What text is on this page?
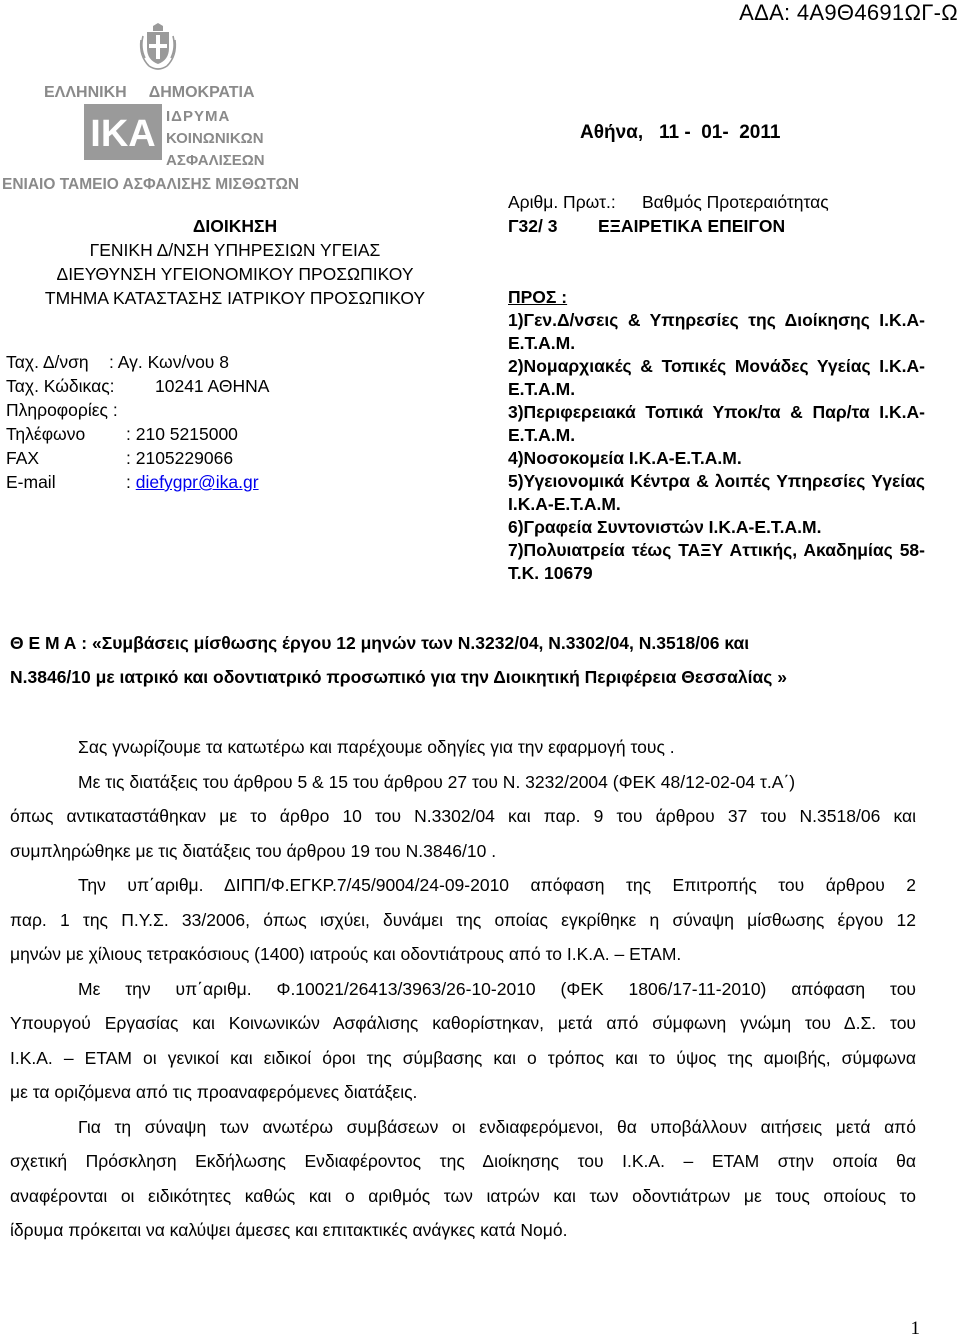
ΑΔΑ: 4Α9Θ4691ΩΓ-Ω
ΕΛΛΗΝΙΚΗ ΔΗΜΟΚΡΑΤΙΑ
ΙΚΑ ΙΔΡΥΜΑ
ΚΟΙΝΩΝΙΚΩΝ
ΑΣΦΑΛΙΣΕΩΝ
ΕΝΙΑΙΟ ΤΑΜΕΙΟ ΑΣΦΑΛΙΣΗΣ ΜΙΣΘΩΤΩΝ
ΔΙΟΙΚΗΣΗ
ΓΕΝΙΚΗ Δ/ΝΣΗ ΥΠΗΡΕΣΙΩΝ ΥΓΕΙΑΣ
ΔΙΕΥΘΥΝΣΗ ΥΓΕΙΟΝΟΜΙΚΟΥ ΠΡΟΣΩΠΙΚΟΥ
ΤΜΗΜΑ ΚΑΤΑΣΤΑΣΗΣ ΙΑΤΡΙΚΟΥ ΠΡΟΣΩΠΙΚΟΥ
Ταχ. Δ/νση : Αγ. Κων/νου 8
Ταχ. Κώδικας: 10241 ΑΘΗΝΑ
Πληροφορίες :
Τηλέφωνο : 210 5215000
FAX	: 2105229066
E-mail	: diefygpr@ika.gr
Αθήνα,   11 -  01-  2011
Αριθμ. Πρωτ.: Βαθμός Προτεραιότητας
Γ32/ 3 ΕΞΑΙΡΕΤΙΚΑ ΕΠΕΙΓΟΝ
ΠΡΟΣ :
1)Γεν.Δ/νσεις & Υπηρεσίες της Διοίκησης Ι.Κ.Α-Ε.Τ.Α.Μ.
2)Νομαρχιακές & Τοπικές Μονάδες Υγείας Ι.Κ.Α-Ε.Τ.Α.Μ.
3)Περιφερειακά Τοπικά Υποκ/τα & Παρ/τα Ι.Κ.Α-Ε.Τ.Α.Μ.
4)Νοσοκομεία Ι.Κ.Α-Ε.Τ.Α.Μ.
5)Υγειονομικά Κέντρα & λοιπές Υπηρεσίες Υγείας Ι.Κ.Α-Ε.Τ.Α.Μ.
6)Γραφεία Συντονιστών Ι.Κ.Α-Ε.Τ.Α.Μ.
7)Πολυιατρεία τέως ΤΑΞΥ Αττικής, Ακαδημίας 58-Τ.Κ. 10679
Θ Ε Μ Α : «Συμβάσεις μίσθωσης έργου 12 μηνών των Ν.3232/04, Ν.3302/04, Ν.3518/06 και
Ν.3846/10 με ιατρικό και οδοντιατρικό προσωπικό για την Διοικητική Περιφέρεια Θεσσαλίας »
Σας γνωρίζουμε τα κατωτέρω και παρέχουμε οδηγίες για την εφαρμογή τους .
Με τις διατάξεις του άρθρου 5 & 15 του άρθρου 27 του Ν. 3232/2004 (ΦΕΚ 48/12-02-04 τ.Α΄)
όπως αντικαταστάθηκαν με το άρθρο 10 του Ν.3302/04 και παρ. 9 του άρθρου 37 του Ν.3518/06 και
συμπληρώθηκε με τις διατάξεις του άρθρου 19 του Ν.3846/10 .
Την υπ΄αριθμ. ΔΙΠΠ/Φ.ΕΓΚΡ.7/45/9004/24-09-2010 απόφαση της Επιτροπής του άρθρου 2
παρ. 1 της Π.Υ.Σ. 33/2006, όπως ισχύει, δυνάμει της οποίας εγκρίθηκε η σύναψη μίσθωσης έργου 12
μηνών με χίλιους τετρακόσιους (1400) ιατρούς και οδοντιάτρους από το Ι.Κ.Α. – ΕΤΑΜ.
Με την υπ΄αριθμ. Φ.10021/26413/3963/26-10-2010 (ΦΕΚ 1806/17-11-2010) απόφαση του
Υπουργού Εργασίας και Κοινωνικών Ασφάλισης καθορίστηκαν, μετά από σύμφωνη γνώμη του Δ.Σ. του
Ι.Κ.Α. – ΕΤΑΜ οι γενικοί και ειδικοί όροι της σύμβασης και ο τρόπος και το ύψος της αμοιβής, σύμφωνα
με τα οριζόμενα από τις προαναφερόμενες διατάξεις.
Για τη σύναψη των ανωτέρω συμβάσεων οι ενδιαφερόμενοι, θα υποβάλλουν αιτήσεις μετά από
σχετική Πρόσκληση Εκδήλωσης Ενδιαφέροντος της Διοίκησης του Ι.Κ.Α. – ΕΤΑΜ στην οποία θα
αναφέρονται οι ειδικότητες καθώς και ο αριθμός των ιατρών και των οδοντιάτρων με τους οποίους το
ίδρυμα πρόκειται να καλύψει άμεσες και επιτακτικές ανάγκες κατά Νομό.
1
